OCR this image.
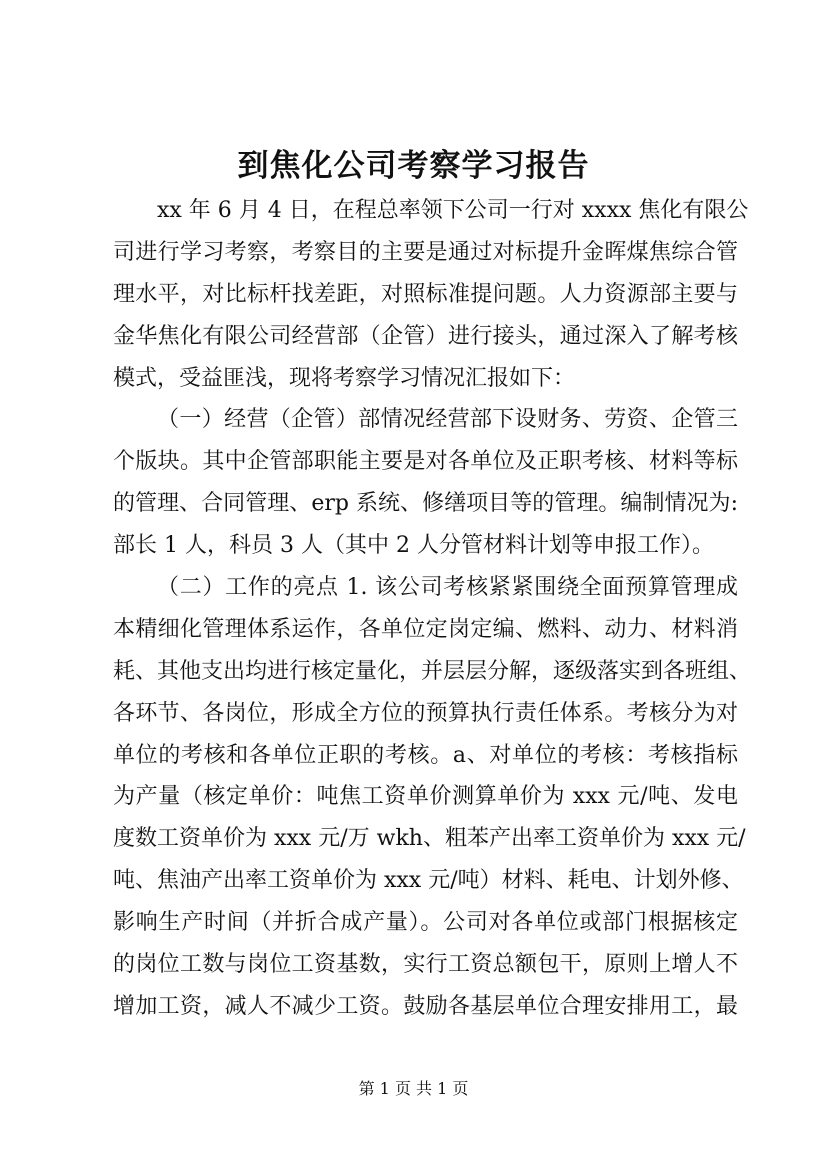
到焦化公司考察学习报告
xx 年 6 月 4 日，在程总率领下公司一行对 xxxx 焦化有限公
司进行学习考察，考察目的主要是通过对标提升金晖煤焦综合管
理水平，对比标杆找差距，对照标准提问题。人力资源部主要与
金华焦化有限公司经营部（企管）进行接头，通过深入了解考核
模式，受益匪浅，现将考察学习情况汇报如下：
（一）经营（企管）部情况经营部下设财务、劳资、企管三
个版块。其中企管部职能主要是对各单位及正职考核、材料等标
的管理、合同管理、erp 系统、修缮项目等的管理。编制情况为:
部长 1 人，科员 3 人（其中 2 人分管材料计划等申报工作）。
（二）工作的亮点 1. 该公司考核紧紧围绕全面预算管理成
本精细化管理体系运作，各单位定岗定编、燃料、动力、材料消
耗、其他支出均进行核定量化，并层层分解，逐级落实到各班组、
各环节、各岗位，形成全方位的预算执行责任体系。考核分为对
单位的考核和各单位正职的考核。a、对单位的考核：考核指标
为产量（核定单价：吨焦工资单价测算单价为 xxx 元/吨、发电
度数工资单价为 xxx 元/万 wkh、粗苯产出率工资单价为 xxx 元/
吨、焦油产出率工资单价为 xxx 元/吨）材料、耗电、计划外修、
影响生产时间（并折合成产量）。公司对各单位或部门根据核定
的岗位工数与岗位工资基数，实行工资总额包干，原则上增人不
增加工资，减人不减少工资。鼓励各基层单位合理安排用工，最
第 1 页 共 1 页
